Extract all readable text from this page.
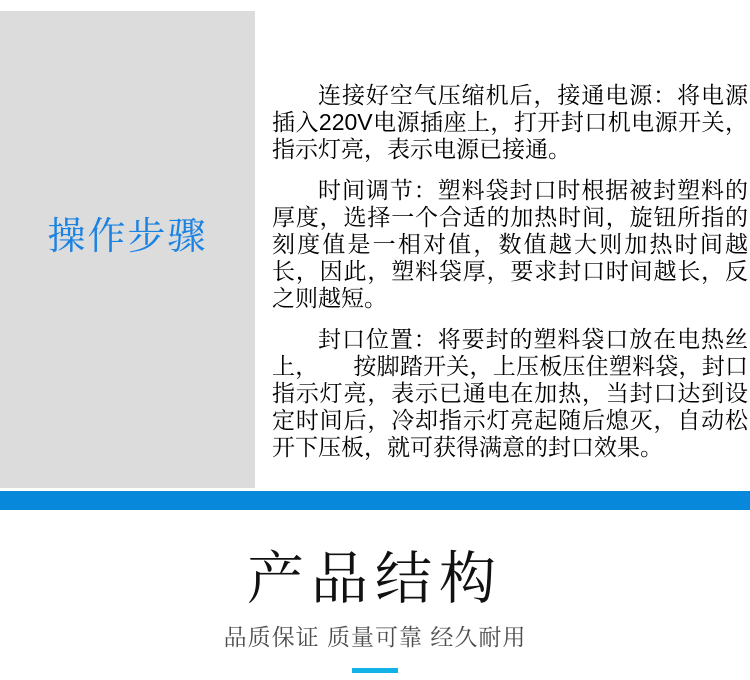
操作步骤

连接好空气压缩机后，接通电源：将电源插入220V电源插座上，打开封口机电源开关，指示灯亮，表示电源已接通。

时间调节：塑料袋封口时根据被封塑料的厚度，选择一个合适的加热时间，旋钮所指的刻度值是一相对值，数值越大则加热时间越长，因此，塑料袋厚，要求封口时间越长，反之则越短。

封口位置：将要封的塑料袋口放在电热丝上，　　按脚踏开关，上压板压住塑料袋，封口指示灯亮，表示已通电在加热，当封口达到设定时间后，冷却指示灯亮起随后熄灭，自动松开下压板，就可获得满意的封口效果。

产品结构
品质保证 质量可靠 经久耐用
